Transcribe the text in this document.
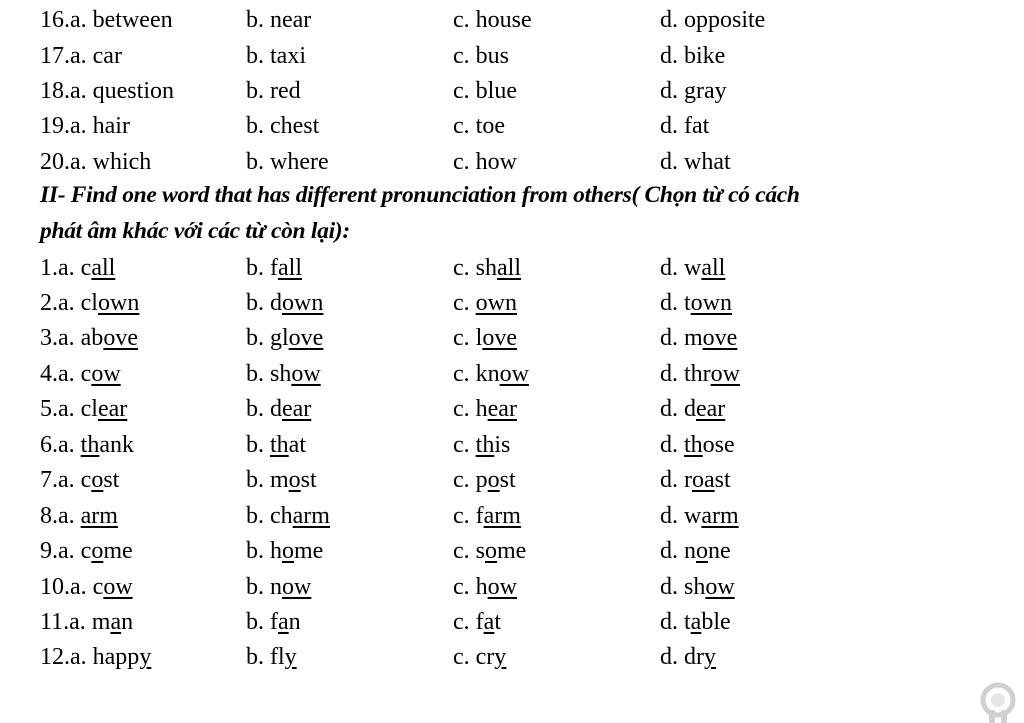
16.a. between	b. near	c. house	d. opposite
17.a. car	b. taxi	c. bus	d. bike
18.a. question	b. red	c. blue	d. gray
19.a. hair	b. chest	c. toe	d. fat
20.a. which	b. where	c. how	d. what
II- Find one word that has different pronunciation from others( Chọn từ có cách
phát âm khác với các từ còn lại):
1.a. call	b. fall	c. shall	d. wall
2.a. clown	b. down	c. own	d. town
3.a. above	b. glove	c. love	d. move
4.a. cow	b. show	c. know	d. throw
5.a. clear	b. dear	c. hear	d. dear
6.a. thank	b. that	c. this	d. those
7.a. cost	b. most	c. post	d. roast
8.a. arm	b. charm	c. farm	d. warm
9.a. come	b. home	c. some	d. none
10.a. cow	b. now	c. how	d. show
11.a. man	b. fan	c. fat	d. table
12.a. happy	b. fly	c. cry	d. dry
